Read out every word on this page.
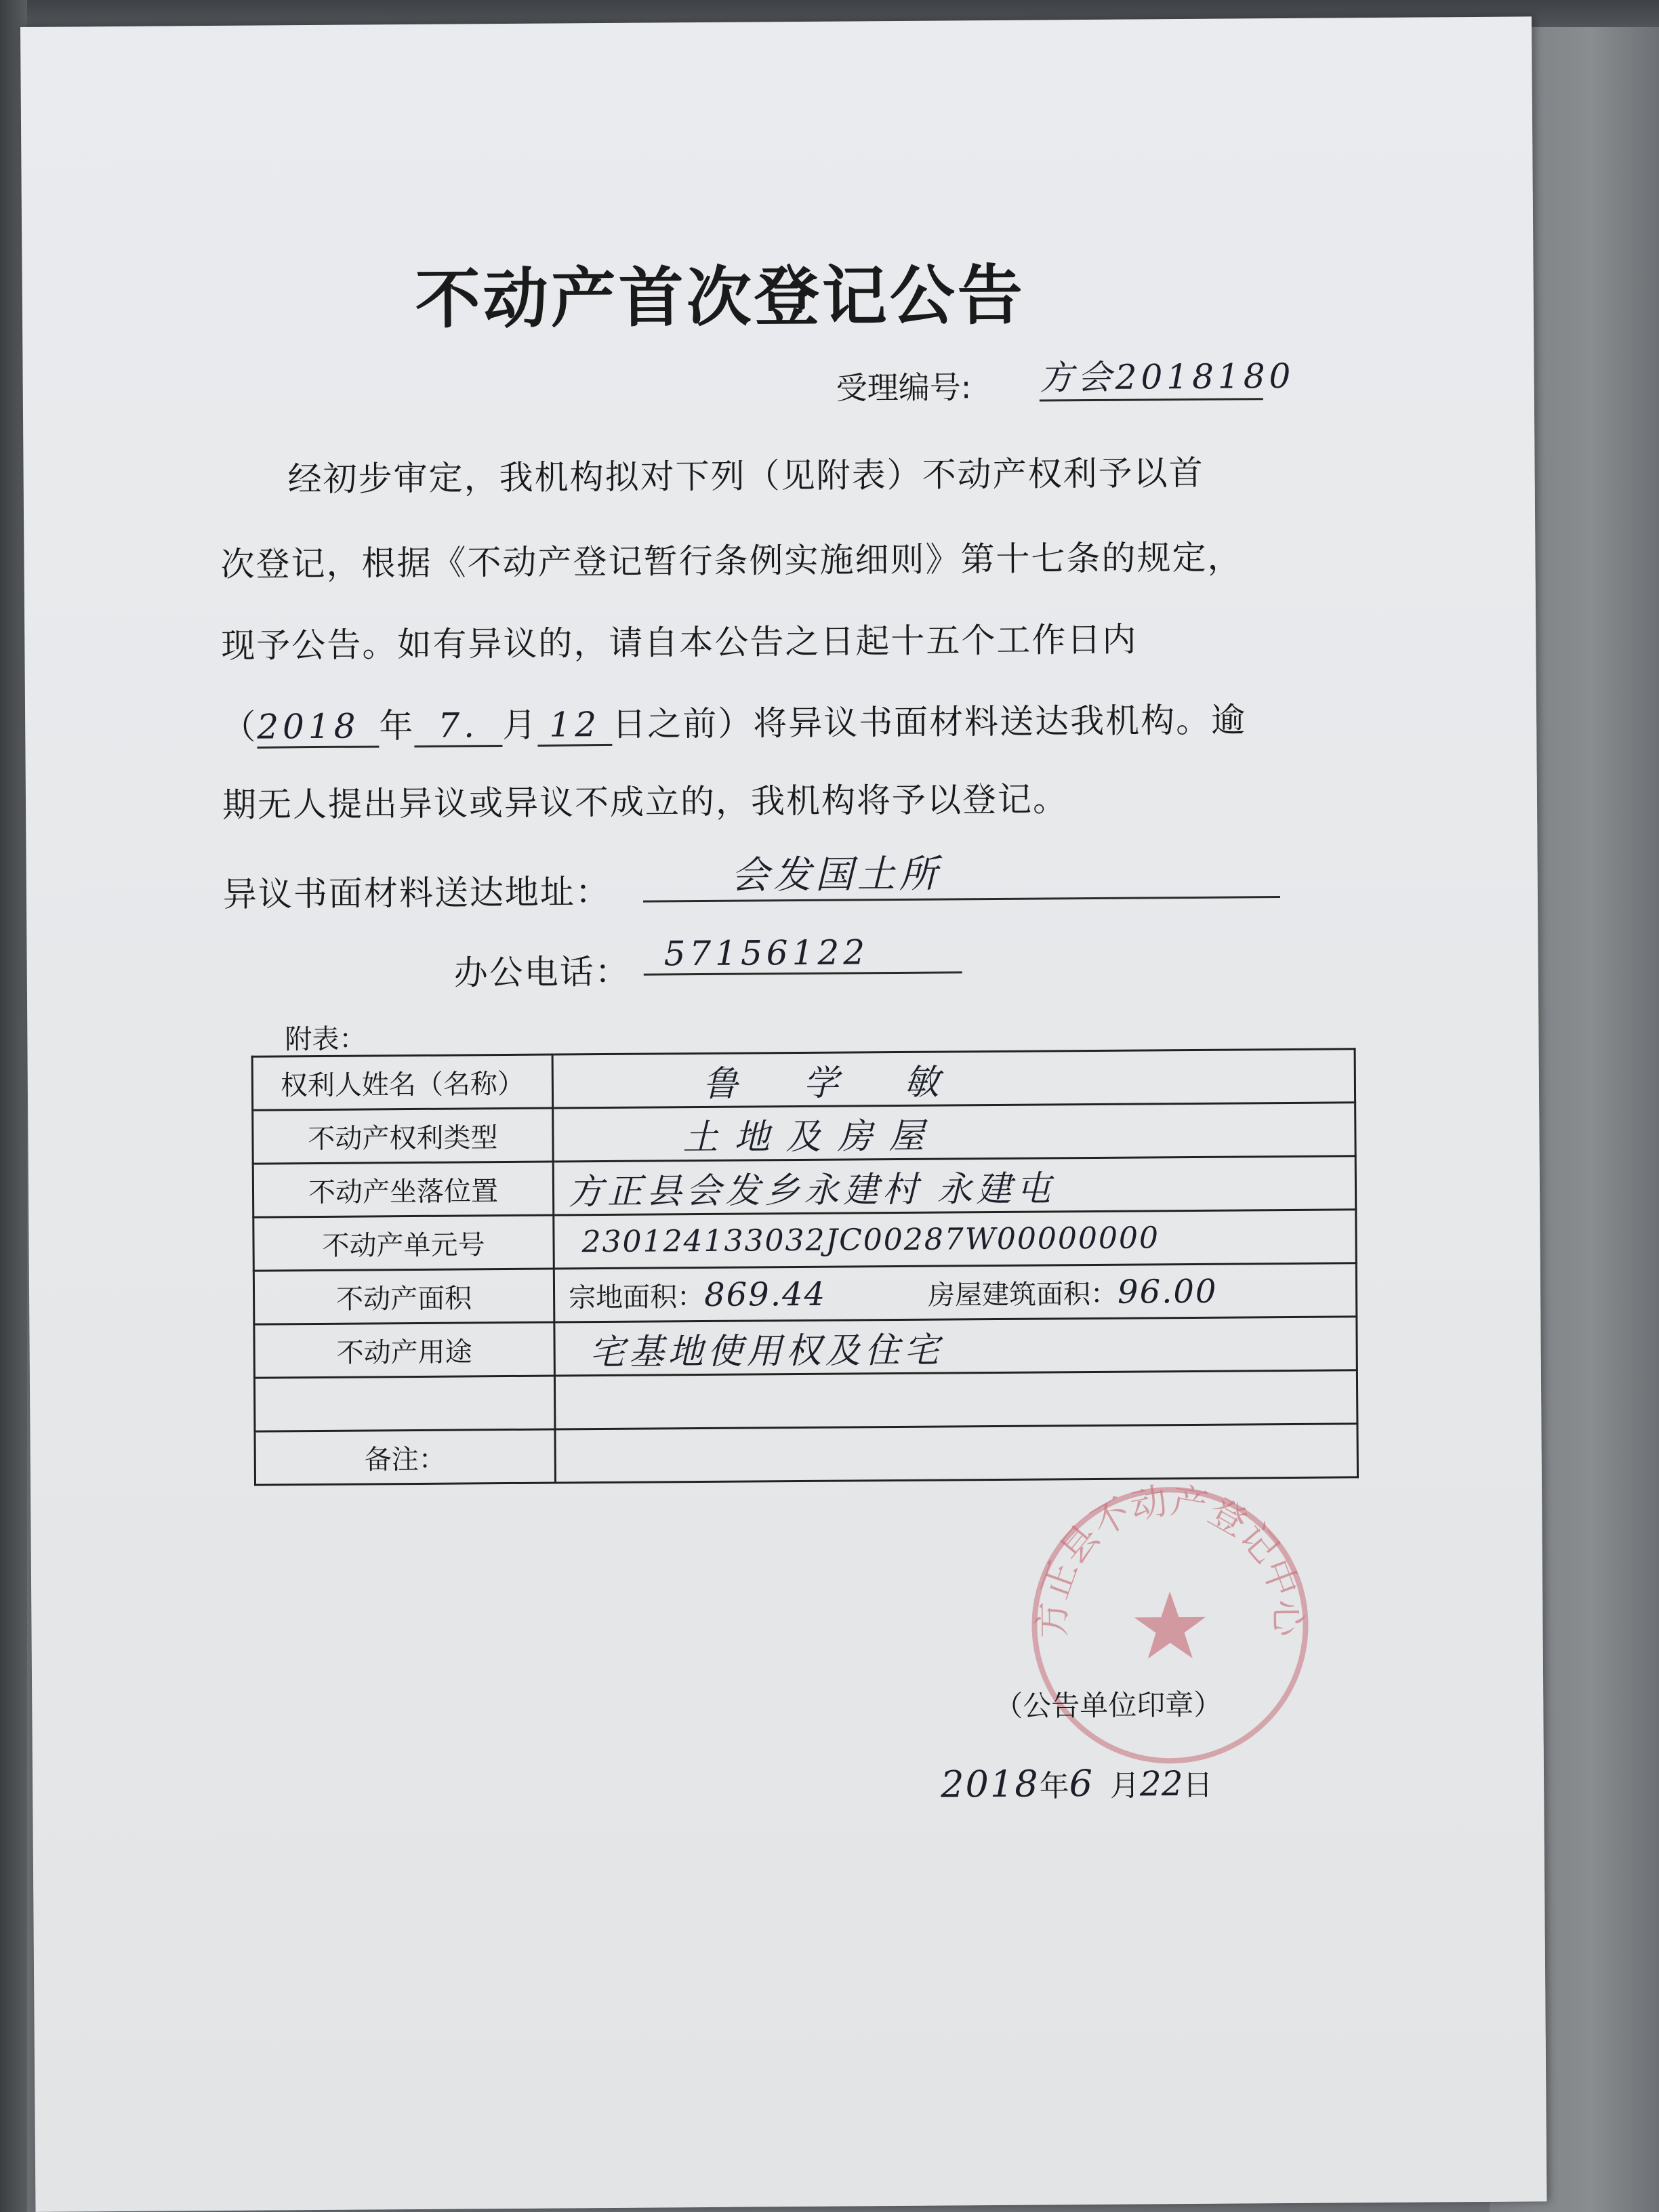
不动产首次登记公告
受理编号: 方会2018180
经初步审定，我机构拟对下列（见附表）不动产权利予以首
次登记，根据《不动产登记暂行条例实施细则》第十七条的规定，
现予公告。如有异议的，请自本公告之日起十五个工作日内
（2018 年 7. 月 12 日之前）将异议书面材料送达我机构。逾
期无人提出异议或异议不成立的，我机构将予以登记。
异议书面材料送达地址：	会发国土所
办公电话： 57156122
附表：
权利人姓名（名称）	鲁 学 敏
不动产权利类型	土地及房屋
不动产坐落位置	方正县会发乡永建村 永建屯
不动产单元号	230124133032JC00287W00000000
不动产面积	宗地面积：869.44 房屋建筑面积：96.00
不动产用途	宅基地使用权及住宅

备注：	
方正县不动产登记中心
（公告单位印章）
2018年6 月22日
